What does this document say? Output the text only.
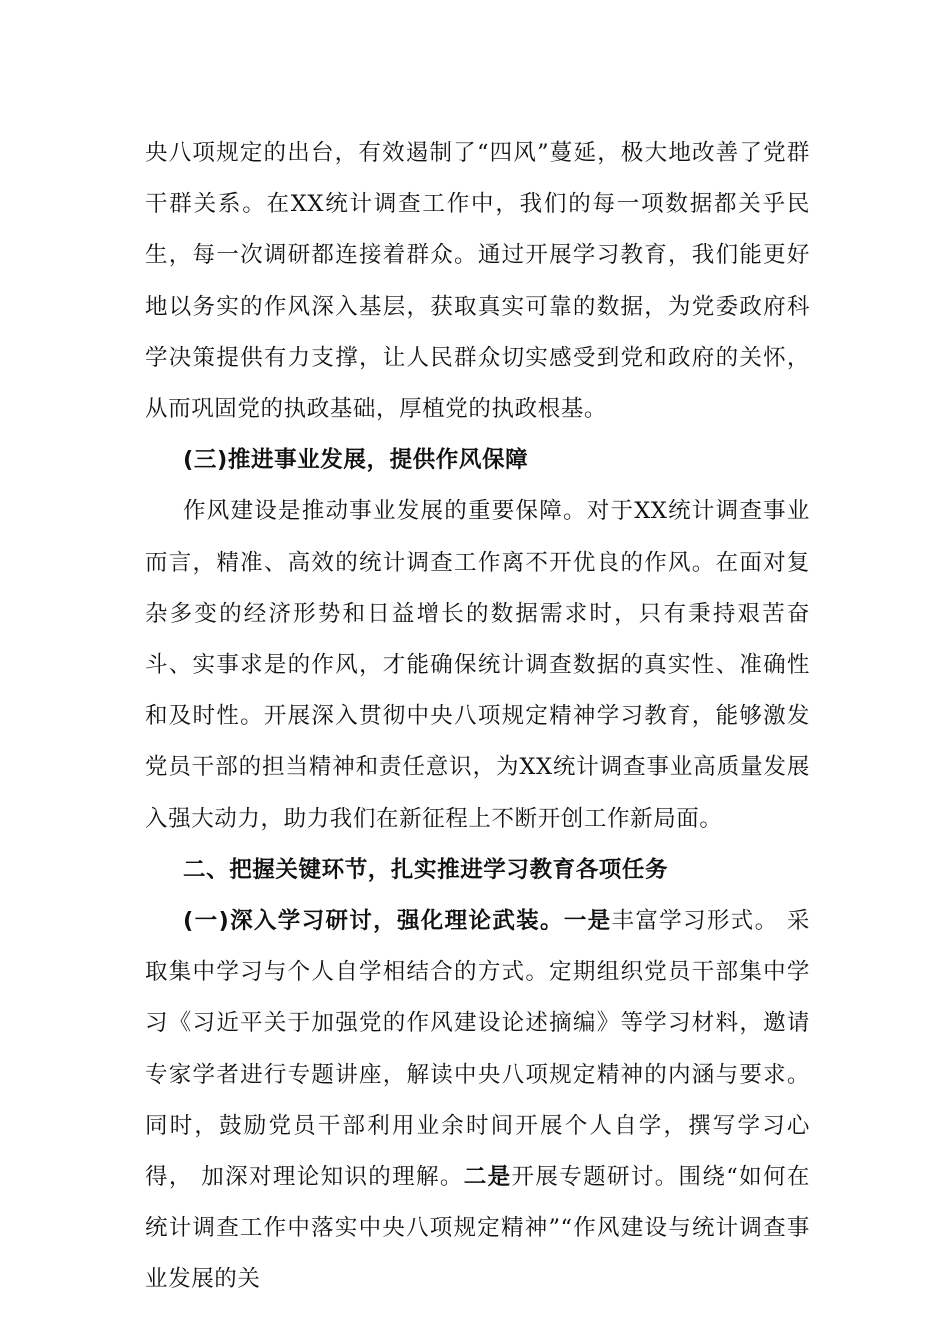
央八项规定的出台，有效遏制了“四风”蔓延，极大地改善了党群干群关系。在XX统计调查工作中，我们的每一项数据都关乎民生，每一次调研都连接着群众。通过开展学习教育，我们能更好地以务实的作风深入基层，获取真实可靠的数据，为党委政府科学决策提供有力支撑，让人民群众切实感受到党和政府的关怀，从而巩固党的执政基础，厚植党的执政根基。

(三)推进事业发展，提供作风保障

作风建设是推动事业发展的重要保障。对于XX统计调查事业而言，精准、高效的统计调查工作离不开优良的作风。在面对复杂多变的经济形势和日益增长的数据需求时，只有秉持艰苦奋斗、实事求是的作风，才能确保统计调查数据的真实性、准确性和及时性。开展深入贯彻中央八项规定精神学习教育，能够激发党员干部的担当精神和责任意识，为XX统计调查事业高质量发展入强大动力，助力我们在新征程上不断开创工作新局面。

二、把握关键环节，扎实推进学习教育各项任务

(一)深入学习研讨，强化理论武装。一是丰富学习形式。 采取集中学习与个人自学相结合的方式。定期组织党员干部集中学习《习近平关于加强党的作风建设论述摘编》等学习材料，邀请专家学者进行专题讲座，解读中央八项规定精神的内涵与要求。 同时，鼓励党员干部利用业余时间开展个人自学，撰写学习心得， 加深对理论知识的理解。二是开展专题研讨。围绕“如何在统计调查工作中落实中央八项规定精神”“作风建设与统计调查事业发展的关
